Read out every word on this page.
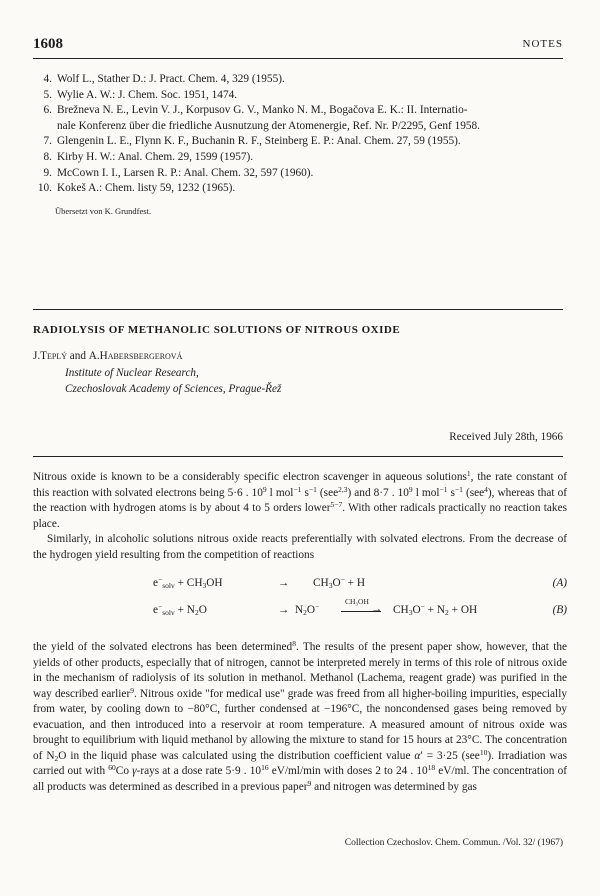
1608	NOTES
4. Wolf L., Stather D.: J. Pract. Chem. 4, 329 (1955).
5. Wylie A. W.: J. Chem. Soc. 1951, 1474.
6. Brežneva N. E., Levin V. J., Korpusov G. V., Manko N. M., Bogačova E. K.: II. Internatio-
nale Konferenz über die friedliche Ausnutzung der Atomenergie, Ref. Nr. P/2295, Genf 1958.
7. Glengenin L. E., Flynn K. F., Buchanin R. F., Steinberg E. P.: Anal. Chem. 27, 59 (1955).
8. Kirby H. W.: Anal. Chem. 29, 1599 (1957).
9. McCown I. I., Larsen R. P.: Anal. Chem. 32, 597 (1960).
10. Kokeš A.: Chem. listy 59, 1232 (1965).
Übersetzt von K. Grundfest.
RADIOLYSIS OF METHANOLIC SOLUTIONS OF NITROUS OXIDE
J.Teplý and A.Habersbergerová
Institute of Nuclear Research,
Czechoslovak Academy of Sciences, Prague-Řež
Received July 28th, 1966
Nitrous oxide is known to be a considerably specific electron scavenger in aqueous solutions$^1$, the rate constant of this reaction with solvated electrons being 5·6 . $10^9$ l mol$^{-1}$ $s^{-1}$ (see$^{2,3}$) and 8·7 . $10^9$ l mol$^{-1}$ $s^{-1}$ (see$^4$), whereas that of the reaction with hydrogen atoms is by about 4 to 5 orders lower$^{5-7}$. With other radicals practically no reaction takes place.
Similarly, in alcoholic solutions nitrous oxide reacts preferentially with solvated electrons. From the decrease of the hydrogen yield resulting from the competition of reactions
$e^-_{solv} + CH_3OH$	→ $CH_3O^- + H$	(A)
$e^-_{solv} + N_2O$	→ $N_2O^-$
CH₃OH
→ $CH_3O^- + N_2$ + OH	(B)
the yield of the solvated electrons has been determined$^8$. The results of the present paper show, however, that the yields of other products, especially that of nitrogen, cannot be interpreted merely in terms of this role of nitrous oxide in the mechanism of radiolysis of its solution in methanol. Methanol (Lachema, reagent grade) was purified in the way described earlier$^9$. Nitrous oxide "for medical use" grade was freed from all higher-boiling impurities, especially from water, by cooling down to −80°C, further condensed at −196°C, the noncondensed gases being removed by evacuation, and then introduced into a reservoir at room temperature. A measured amount of nitrous oxide was brought to equilibrium with liquid methanol by allowing the mixture to stand for 15 hours at 23°C. The concentration of $N_2O$ in the liquid phase was calculated using the distribution coefficient value α′ = 3·25 (see$^{10}$). Irradiation was carried out with $^{60}$Co γ-rays at a dose rate 5·9 . $10^{16}$ eV/ml/min with doses 2 to 24 . $10^{18}$ eV/ml. The concentration of all products was determined as described in a previous paper$^9$ and nitrogen was determined by gas
Collection Czechoslov. Chem. Commun. /Vol. 32/ (1967)
